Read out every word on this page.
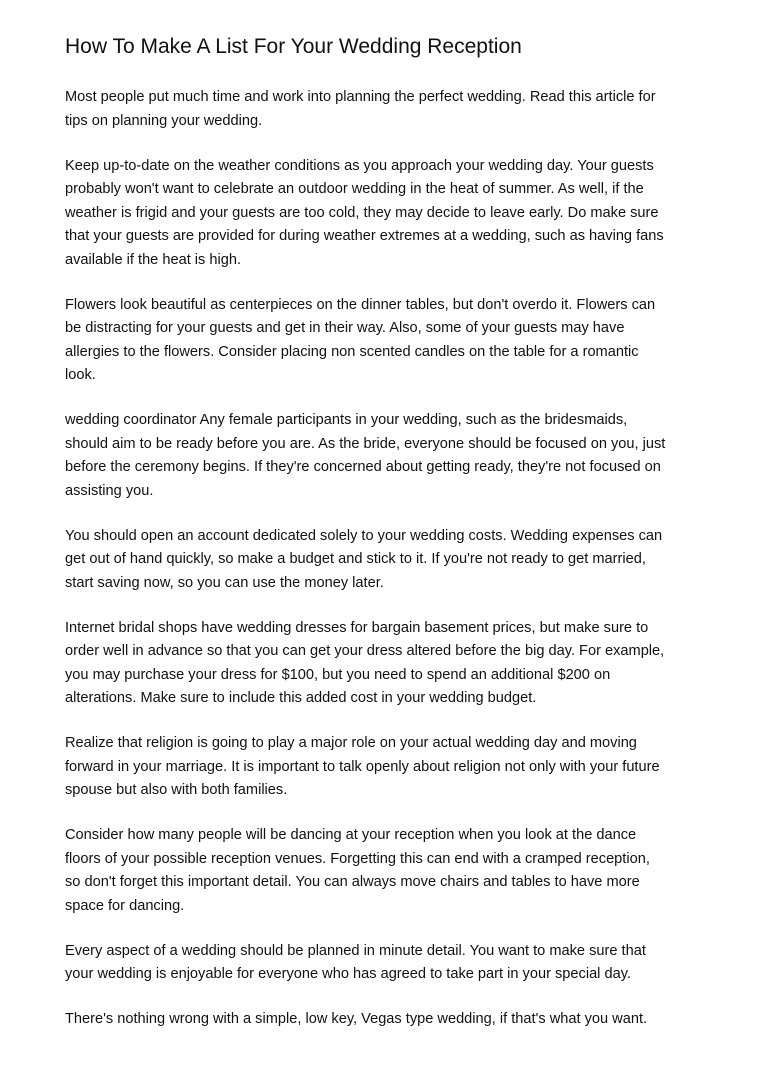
How To Make A List For Your Wedding Reception

Most people put much time and work into planning the perfect wedding. Read this article for
tips on planning your wedding.

Keep up-to-date on the weather conditions as you approach your wedding day. Your guests
probably won't want to celebrate an outdoor wedding in the heat of summer. As well, if the
weather is frigid and your guests are too cold, they may decide to leave early. Do make sure
that your guests are provided for during weather extremes at a wedding, such as having fans
available if the heat is high.

Flowers look beautiful as centerpieces on the dinner tables, but don't overdo it. Flowers can
be distracting for your guests and get in their way. Also, some of your guests may have
allergies to the flowers. Consider placing non scented candles on the table for a romantic
look.

wedding coordinator Any female participants in your wedding, such as the bridesmaids,
should aim to be ready before you are. As the bride, everyone should be focused on you, just
before the ceremony begins. If they're concerned about getting ready, they're not focused on
assisting you.

You should open an account dedicated solely to your wedding costs. Wedding expenses can
get out of hand quickly, so make a budget and stick to it. If you're not ready to get married,
start saving now, so you can use the money later.

Internet bridal shops have wedding dresses for bargain basement prices, but make sure to
order well in advance so that you can get your dress altered before the big day. For example,
you may purchase your dress for $100, but you need to spend an additional $200 on
alterations. Make sure to include this added cost in your wedding budget.

Realize that religion is going to play a major role on your actual wedding day and moving
forward in your marriage. It is important to talk openly about religion not only with your future
spouse but also with both families.

Consider how many people will be dancing at your reception when you look at the dance
floors of your possible reception venues. Forgetting this can end with a cramped reception,
so don't forget this important detail. You can always move chairs and tables to have more
space for dancing.

Every aspect of a wedding should be planned in minute detail. You want to make sure that
your wedding is enjoyable for everyone who has agreed to take part in your special day.

There's nothing wrong with a simple, low key, Vegas type wedding, if that's what you want.
